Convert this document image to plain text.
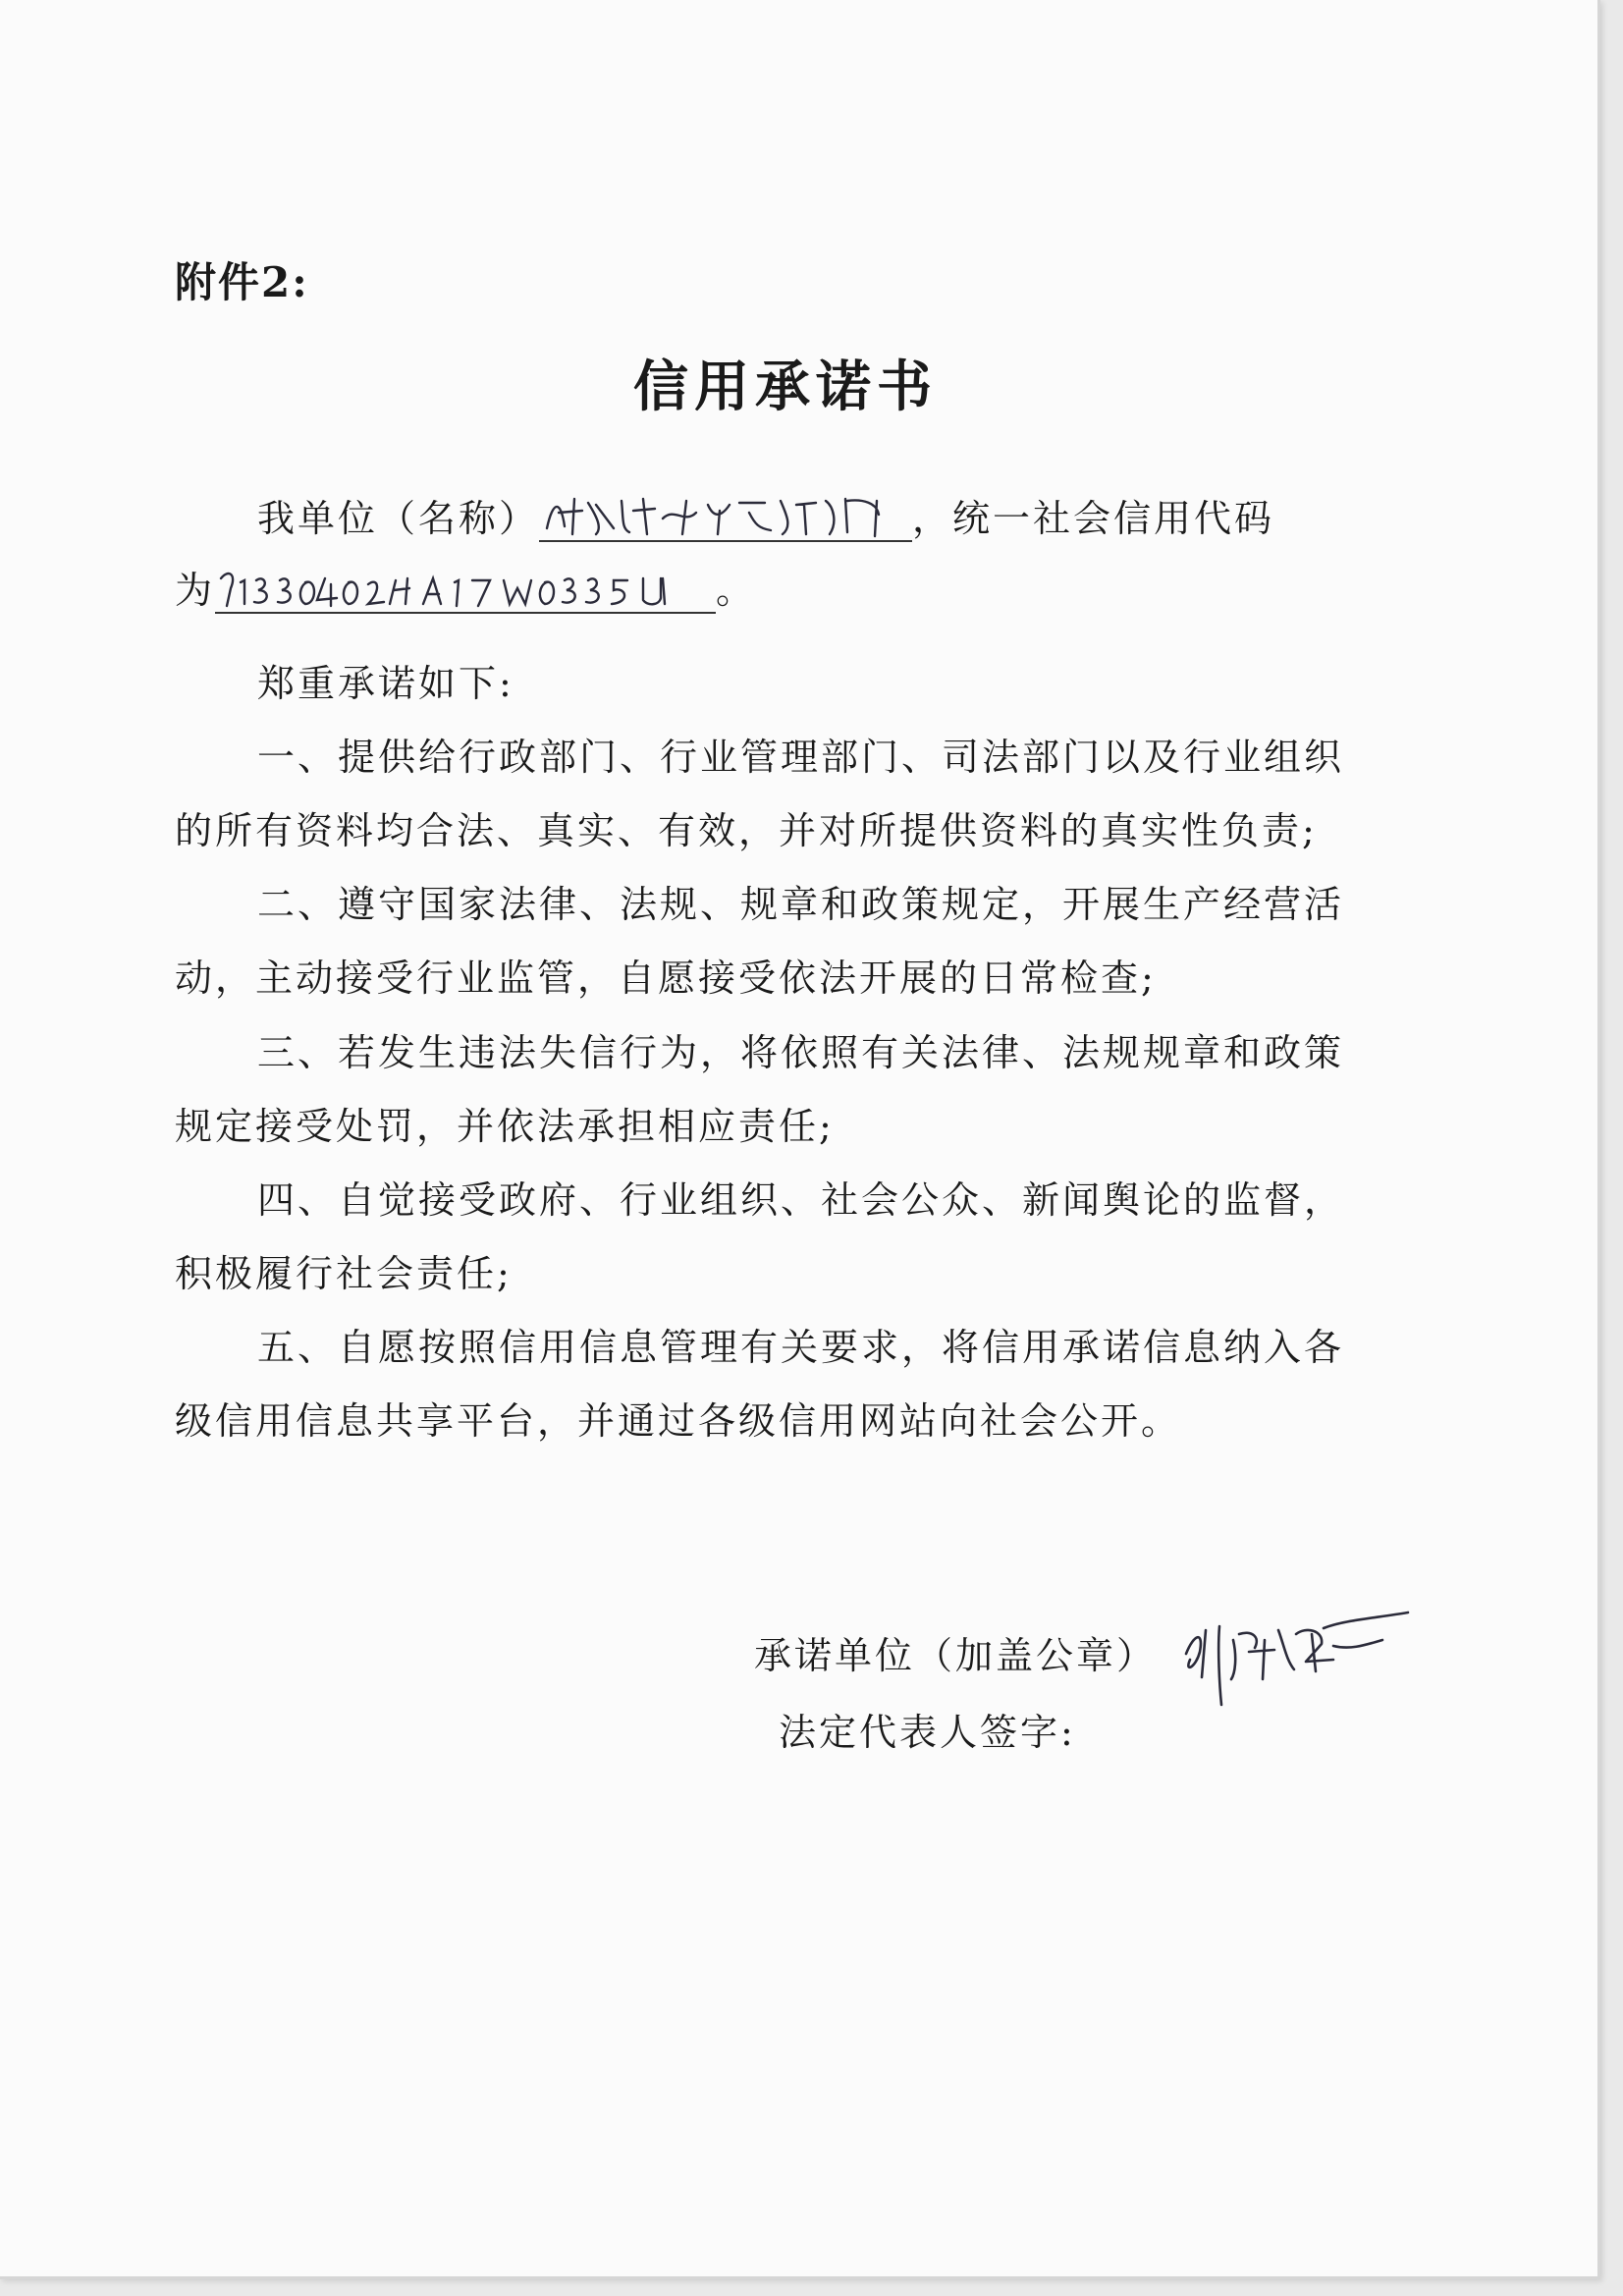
附件2:
信用承诺书
我单位（名称）	，统一社会信用代码
为	。
郑重承诺如下:
一、提供给行政部门、行业管理部门、司法部门以及行业组织
的所有资料均合法、真实、有效，并对所提供资料的真实性负责;
二、遵守国家法律、法规、规章和政策规定，开展生产经营活
动，主动接受行业监管，自愿接受依法开展的日常检查;
三、若发生违法失信行为，将依照有关法律、法规规章和政策
规定接受处罚，并依法承担相应责任;
四、自觉接受政府、行业组织、社会公众、新闻舆论的监督，
积极履行社会责任;
五、自愿按照信用信息管理有关要求，将信用承诺信息纳入各
级信用信息共享平台，并通过各级信用网站向社会公开。
承诺单位（加盖公章）
法定代表人签字:
